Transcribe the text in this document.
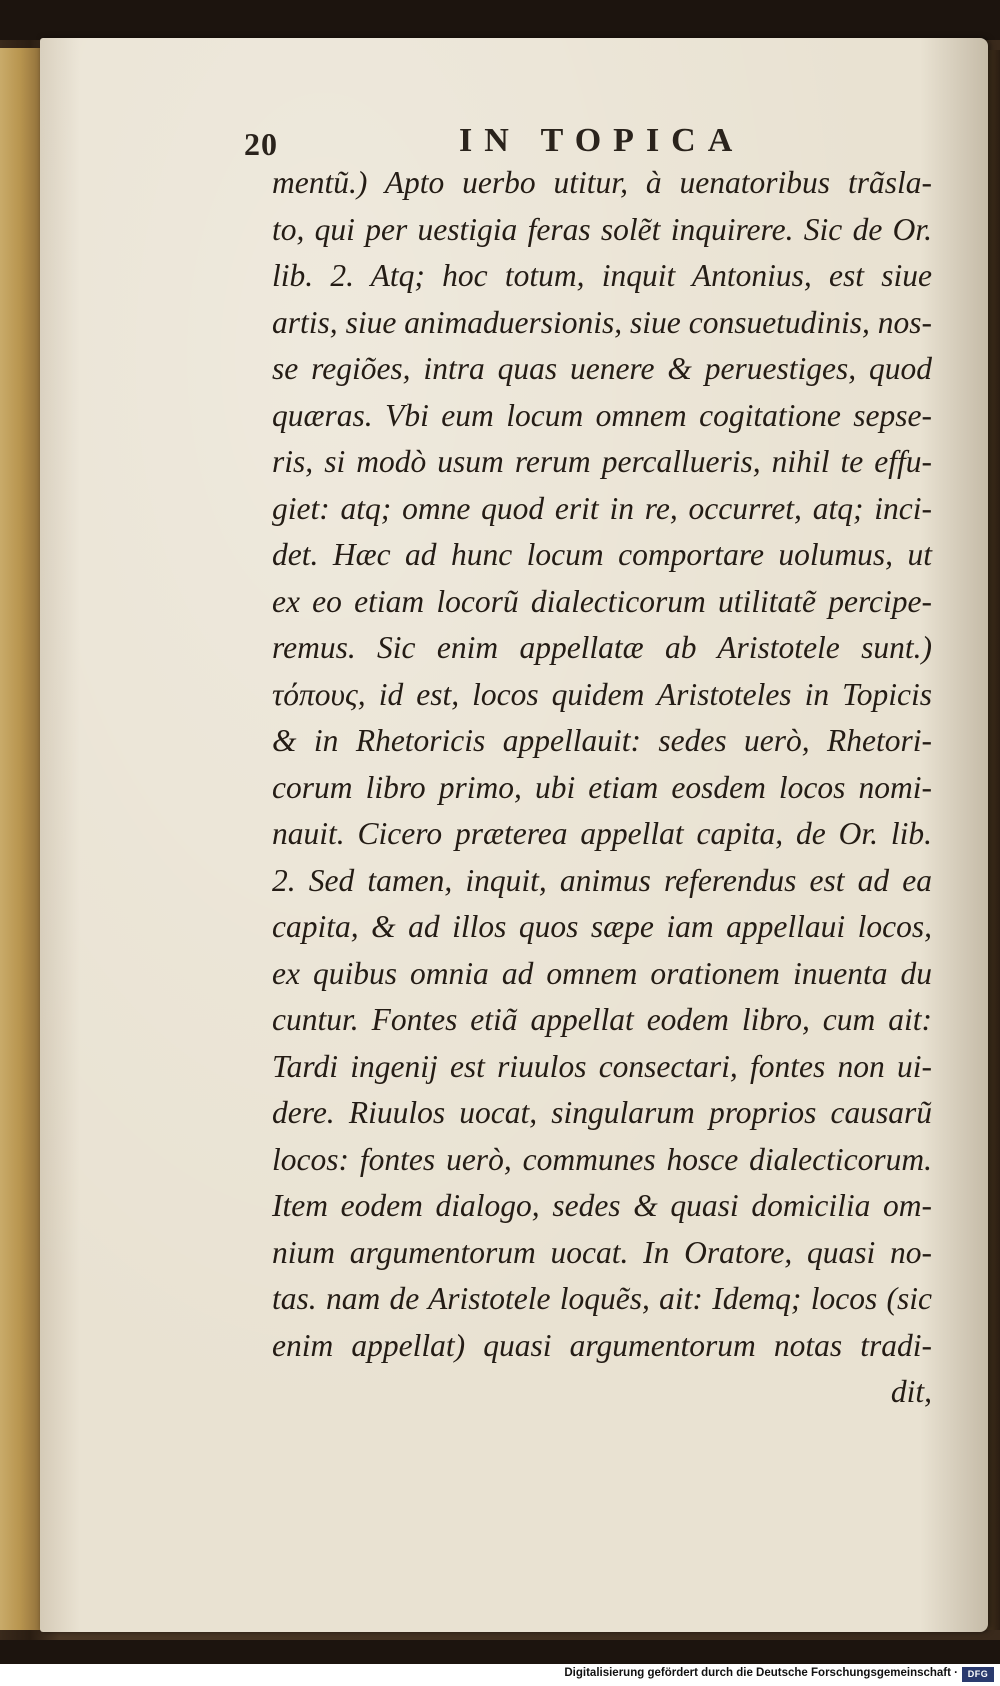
20	IN TOPICA
mentũ.) Apto uerbo utitur, à uenatoribus trãsla-
to, qui per uestigia feras solẽt inquirere. Sic de Or.
lib. 2. Atq; hoc totum, inquit Antonius, est siue
artis, siue animaduersionis, siue consuetudinis, nos-
se regiões, intra quas uenere & peruestiges, quod
quæras. Vbi eum locum omnem cogitatione sepse-
ris, si modò usum rerum percallueris, nihil te effu-
giet: atq; omne quod erit in re, occurret, atq; inci-
det. Hæc ad hunc locum comportare uolumus, ut
ex eo etiam locorũ dialecticorum utilitatẽ percipe-
remus. Sic enim appellatæ ab Aristotele sunt.)
τόπους, id est, locos quidem Aristoteles in Topicis
& in Rhetoricis appellauit: sedes uerò, Rhetori-
corum libro primo, ubi etiam eosdem locos nomi-
nauit. Cicero præterea appellat capita, de Or. lib.
2. Sed tamen, inquit, animus referendus est ad ea
capita, & ad illos quos sæpe iam appellaui locos,
ex quibus omnia ad omnem orationem inuenta du
cuntur. Fontes etiã appellat eodem libro, cum ait:
Tardi ingenij est riuulos consectari, fontes non ui-
dere. Riuulos uocat, singularum proprios causarũ
locos: fontes uerò, communes hosce dialecticorum.
Item eodem dialogo, sedes & quasi domicilia om-
nium argumentorum uocat. In Oratore, quasi no-
tas. nam de Aristotele loquẽs, ait: Idemq; locos (sic
enim appellat) quasi argumentorum notas tradi-
dit,
Digitalisierung gefördert durch die Deutsche Forschungsgemeinschaft ·	DFG
